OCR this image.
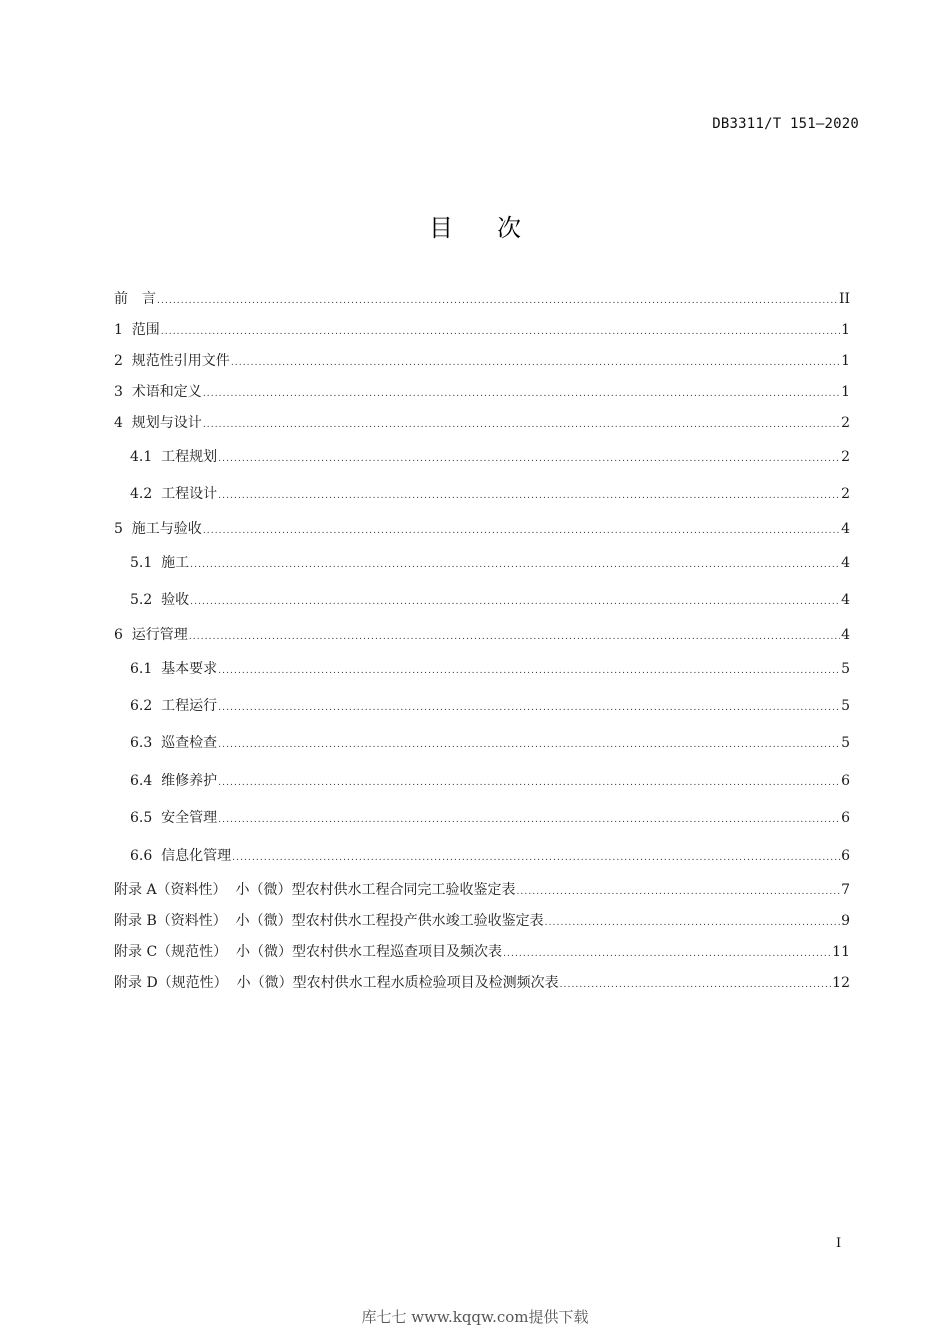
DB3311/T 151—2020
目次
前　言 .....	II
1  范围 .....	1
2  规范性引用文件 .....	1
3  术语和定义 .....	1
4  规划与设计 .....	2
4.1  工程规划 .....	2
4.2  工程设计 .....	2
5  施工与验收 .....	4
5.1  施工 .....	4
5.2  验收 .....	4
6  运行管理 .....	4
6.1  基本要求 .....	5
6.2  工程运行 .....	5
6.3  巡查检查 .....	5
6.4  维修养护 .....	6
6.5  安全管理 .....	6
6.6  信息化管理 .....	6
附录 A（资料性）  小（微）型农村供水工程合同完工验收鉴定表 .....	7
附录 B（资料性）  小（微）型农村供水工程投产供水竣工验收鉴定表 .....	9
附录 C（规范性）  小（微）型农村供水工程巡查项目及频次表 .....	11
附录 D（规范性）  小（微）型农村供水工程水质检验项目及检测频次表 .....	12
I
库七七 www.kqqw.com提供下载
